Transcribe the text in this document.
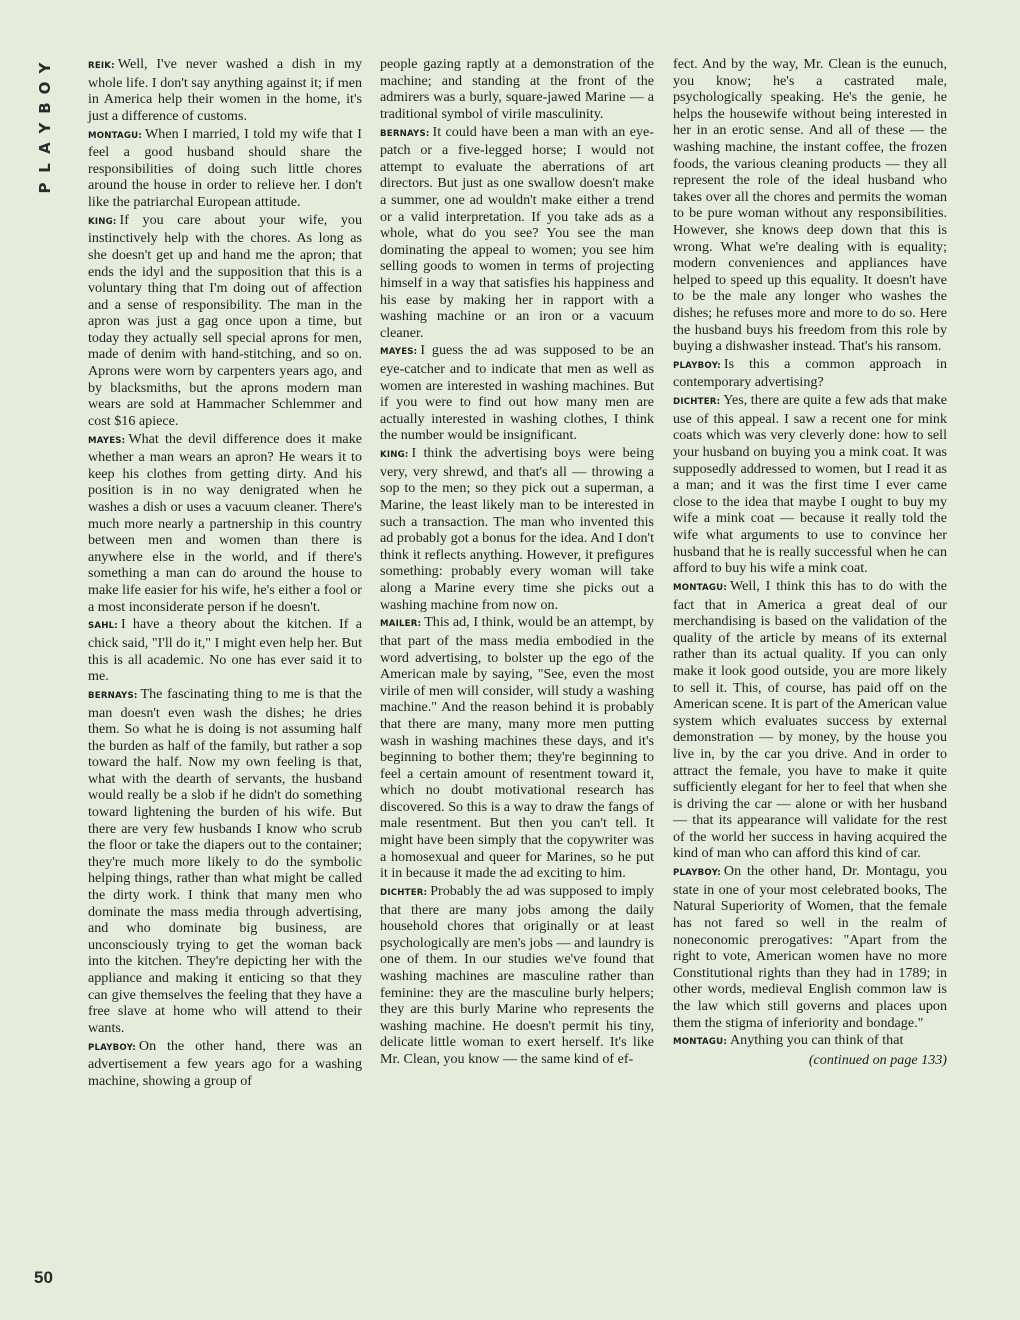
Y
O
B
Y
A
L
P
50

REIK: Well, I've never washed a dish in my whole life. I don't say anything against it; if men in America help their women in the home, it's just a difference of customs.

MONTAGU: When I married, I told my wife that I feel a good husband should share the responsibilities of doing such little chores around the house in order to relieve her. I don't like the patriarchal European attitude.

KING: If you care about your wife, you instinctively help with the chores. As long as she doesn't get up and hand me the apron; that ends the idyl and the supposition that this is a voluntary thing that I'm doing out of affection and a sense of responsibility. The man in the apron was just a gag once upon a time, but today they actually sell special aprons for men, made of denim with hand-stitching, and so on. Aprons were worn by carpenters years ago, and by blacksmiths, but the aprons modern man wears are sold at Hammacher Schlemmer and cost $16 apiece.

MAYES: What the devil difference does it make whether a man wears an apron? He wears it to keep his clothes from getting dirty. And his position is in no way denigrated when he washes a dish or uses a vacuum cleaner. There's much more nearly a partnership in this country between men and women than there is anywhere else in the world, and if there's something a man can do around the house to make life easier for his wife, he's either a fool or a most inconsiderate person if he doesn't.

SAHL: I have a theory about the kitchen. If a chick said, "I'll do it," I might even help her. But this is all academic. No one has ever said it to me.

BERNAYS: The fascinating thing to me is that the man doesn't even wash the dishes; he dries them. So what he is doing is not assuming half the burden as half of the family, but rather a sop toward the half. Now my own feeling is that, what with the dearth of servants, the husband would really be a slob if he didn't do something toward lightening the burden of his wife. But there are very few husbands I know who scrub the floor or take the diapers out to the container; they're much more likely to do the symbolic helping things, rather than what might be called the dirty work. I think that many men who dominate the mass media through advertising, and who dominate big business, are unconsciously trying to get the woman back into the kitchen. They're depicting her with the appliance and making it enticing so that they can give themselves the feeling that they have a free slave at home who will attend to their wants.

PLAYBOY: On the other hand, there was an advertisement a few years ago for a washing machine, showing a group of

people gazing raptly at a demonstration of the machine; and standing at the front of the admirers was a burly, square-jawed Marine — a traditional symbol of virile masculinity.

BERNAYS: It could have been a man with an eye-patch or a five-legged horse; I would not attempt to evaluate the aberrations of art directors. But just as one swallow doesn't make a summer, one ad wouldn't make either a trend or a valid interpretation. If you take ads as a whole, what do you see? You see the man dominating the appeal to women; you see him selling goods to women in terms of projecting himself in a way that satisfies his happiness and his ease by making her in rapport with a washing machine or an iron or a vacuum cleaner.

MAYES: I guess the ad was supposed to be an eye-catcher and to indicate that men as well as women are interested in washing machines. But if you were to find out how many men are actually interested in washing clothes, I think the number would be insignificant.

KING: I think the advertising boys were being very, very shrewd, and that's all — throwing a sop to the men; so they pick out a superman, a Marine, the least likely man to be interested in such a transaction. The man who invented this ad probably got a bonus for the idea. And I don't think it reflects anything. However, it prefigures something: probably every woman will take along a Marine every time she picks out a washing machine from now on.

MAILER: This ad, I think, would be an attempt, by that part of the mass media embodied in the word advertising, to bolster up the ego of the American male by saying, "See, even the most virile of men will consider, will study a washing machine." And the reason behind it is probably that there are many, many more men putting wash in washing machines these days, and it's beginning to bother them; they're beginning to feel a certain amount of resentment toward it, which no doubt motivational research has discovered. So this is a way to draw the fangs of male resentment. But then you can't tell. It might have been simply that the copywriter was a homosexual and queer for Marines, so he put it in because it made the ad exciting to him.

DICHTER: Probably the ad was supposed to imply that there are many jobs among the daily household chores that originally or at least psychologically are men's jobs — and laundry is one of them. In our studies we've found that washing machines are masculine rather than feminine: they are the masculine burly helpers; they are this burly Marine who represents the washing machine. He doesn't permit his tiny, delicate little woman to exert herself. It's like Mr. Clean, you know — the same kind of ef-

fect. And by the way, Mr. Clean is the eunuch, you know; he's a castrated male, psychologically speaking. He's the genie, he helps the housewife without being interested in her in an erotic sense. And all of these — the washing machine, the instant coffee, the frozen foods, the various cleaning products — they all represent the role of the ideal husband who takes over all the chores and permits the woman to be pure woman without any responsibilities. However, she knows deep down that this is wrong. What we're dealing with is equality; modern conveniences and appliances have helped to speed up this equality. It doesn't have to be the male any longer who washes the dishes; he refuses more and more to do so. Here the husband buys his freedom from this role by buying a dishwasher instead. That's his ransom.

PLAYBOY: Is this a common approach in contemporary advertising?

DICHTER: Yes, there are quite a few ads that make use of this appeal. I saw a recent one for mink coats which was very cleverly done: how to sell your husband on buying you a mink coat. It was supposedly addressed to women, but I read it as a man; and it was the first time I ever came close to the idea that maybe I ought to buy my wife a mink coat — because it really told the wife what arguments to use to convince her husband that he is really successful when he can afford to buy his wife a mink coat.

MONTAGU: Well, I think this has to do with the fact that in America a great deal of our merchandising is based on the validation of the quality of the article by means of its external rather than its actual quality. If you can only make it look good outside, you are more likely to sell it. This, of course, has paid off on the American scene. It is part of the American value system which evaluates success by external demonstration — by money, by the house you live in, by the car you drive. And in order to attract the female, you have to make it quite sufficiently elegant for her to feel that when she is driving the car — alone or with her husband — that its appearance will validate for the rest of the world her success in having acquired the kind of man who can afford this kind of car.

PLAYBOY: On the other hand, Dr. Montagu, you state in one of your most celebrated books, The Natural Superiority of Women, that the female has not fared so well in the realm of noneconomic prerogatives: "Apart from the right to vote, American women have no more Constitutional rights than they had in 1789; in other words, medieval English common law is the law which still governs and places upon them the stigma of inferiority and bondage."

MONTAGU: Anything you can think of that

(continued on page 133)
